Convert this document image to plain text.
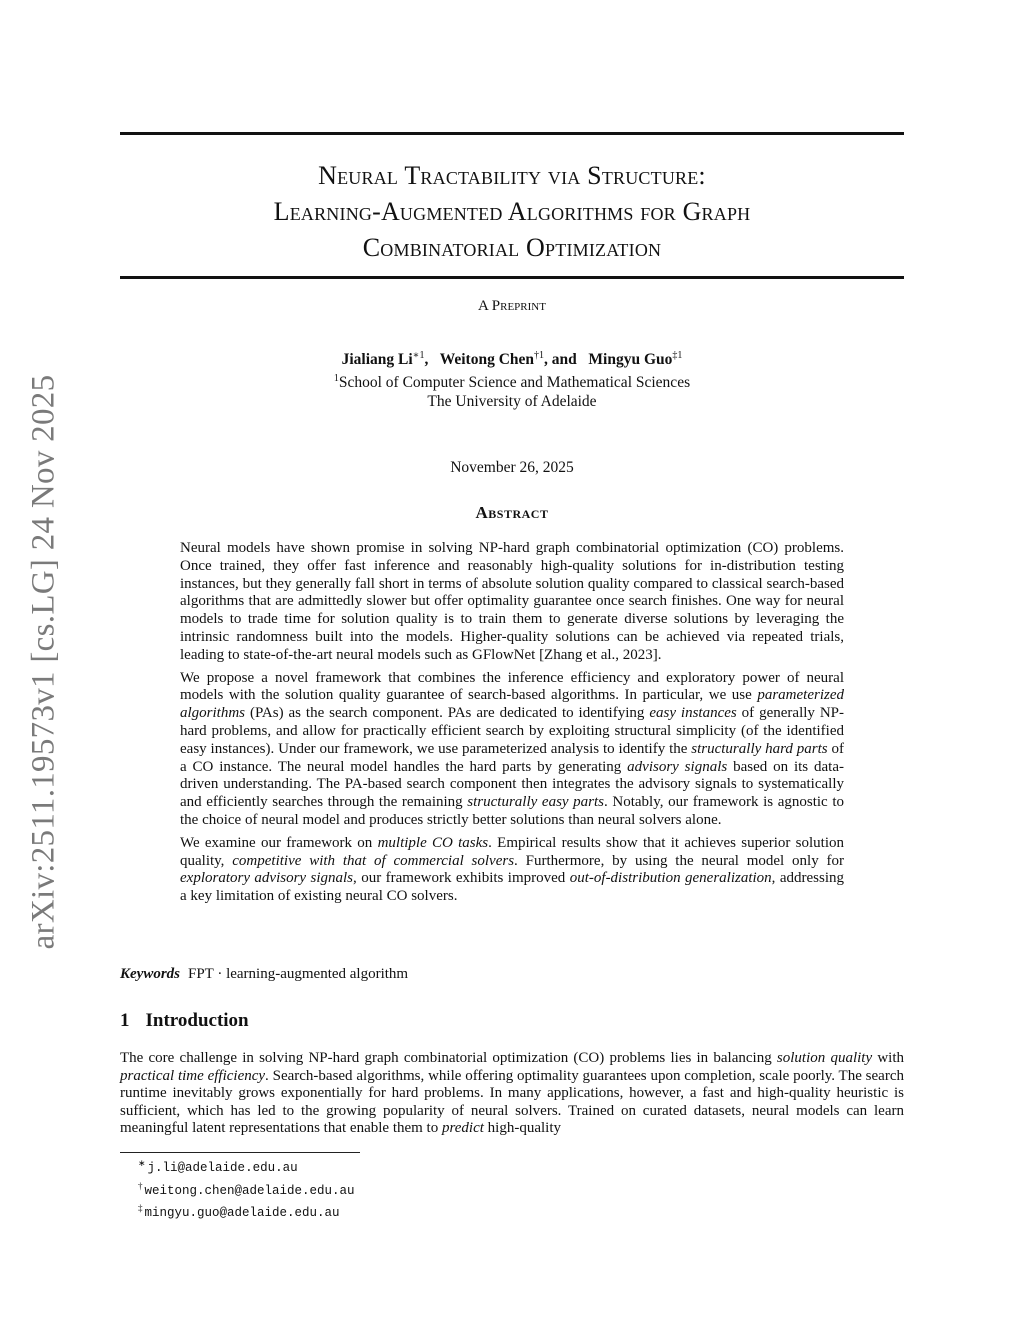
arXiv:2511.19573v1 [cs.LG] 24 Nov 2025
Neural Tractability via Structure:
Learning-Augmented Algorithms for Graph
Combinatorial Optimization
A Preprint
Jialiang $Li^{∗1}$, Weitong Chen$^{\dagger 1}$, and Mingyu Guo$^{\ddagger 1}$
$^1$School of Computer Science and Mathematical Sciences
The University of Adelaide
November 26, 2025
Abstract

Neural models have shown promise in solving NP-hard graph combinatorial optimization (CO) problems. Once trained, they offer fast inference and reasonably high-quality solutions for in-distribution testing instances, but they generally fall short in terms of absolute solution quality compared to classical search-based algorithms that are admittedly slower but offer optimality guarantee once search finishes. One way for neural models to trade time for solution quality is to train them to generate diverse solutions by leveraging the intrinsic randomness built into the models. Higher-quality solutions can be achieved via repeated trials, leading to state-of-the-art neural models such as GFlowNet [Zhang et al., 2023].

We propose a novel framework that combines the inference efficiency and exploratory power of neural models with the solution quality guarantee of search-based algorithms. In particular, we use parameterized algorithms (PAs) as the search component. PAs are dedicated to identifying easy instances of generally NP-hard problems, and allow for practically efficient search by exploiting structural simplicity (of the identified easy instances). Under our framework, we use parameterized analysis to identify the structurally hard parts of a CO instance. The neural model handles the hard parts by generating advisory signals based on its data-driven understanding. The PA-based search component then integrates the advisory signals to systematically and efficiently searches through the remaining structurally easy parts. Notably, our framework is agnostic to the choice of neural model and produces strictly better solutions than neural solvers alone.

We examine our framework on multiple CO tasks. Empirical results show that it achieves superior solution quality, competitive with that of commercial solvers. Furthermore, by using the neural model only for exploratory advisory signals, our framework exhibits improved out-of-distribution generalization, addressing a key limitation of existing neural CO solvers.

Keywords FPT · learning-augmented algorithm
1 Introduction

The core challenge in solving NP-hard graph combinatorial optimization (CO) problems lies in balancing solution quality with practical time efficiency. Search-based algorithms, while offering optimality guarantees upon completion, scale poorly. The search runtime inevitably grows exponentially for hard problems. In many applications, however, a fast and high-quality heuristic is sufficient, which has led to the growing popularity of neural solvers. Trained on curated datasets, neural models can learn meaningful latent representations that enable them to predict high-quality

∗ j.li@adelaide.edu.au
† weitong.chen@adelaide.edu.au
‡ mingyu.guo@adelaide.edu.au
